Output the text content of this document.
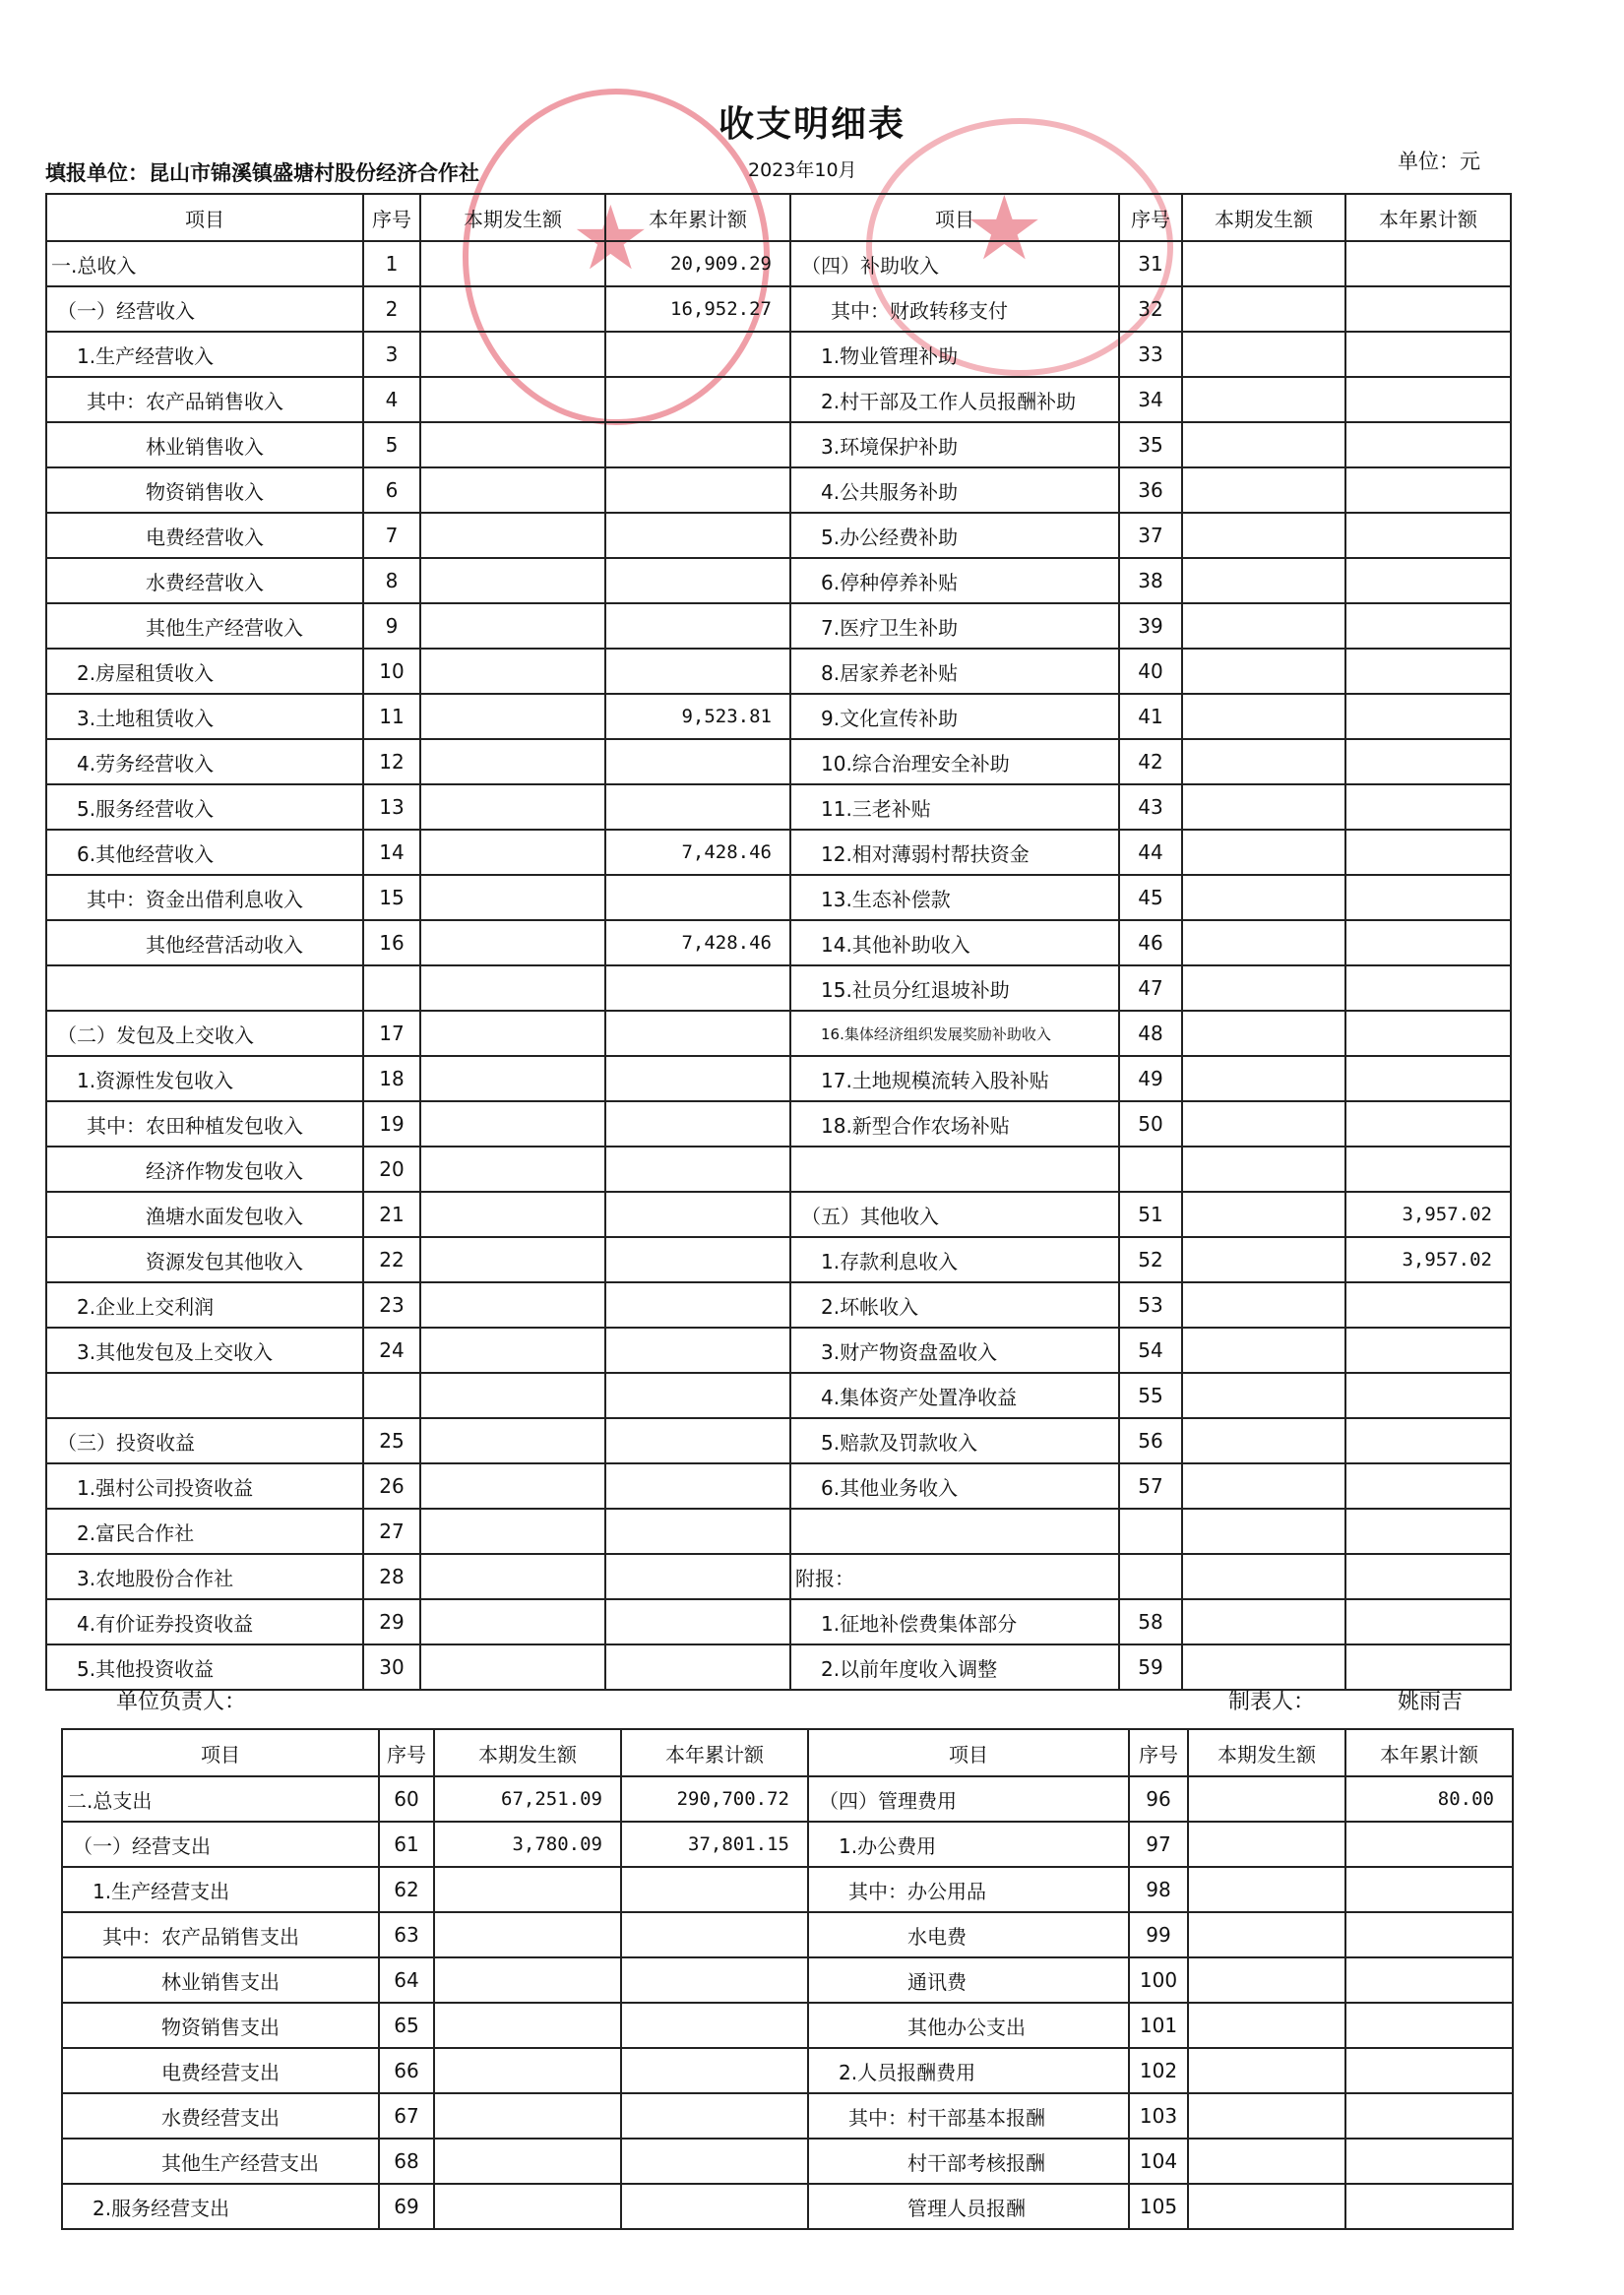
★	★
收支明细表
填报单位：昆山市锦溪镇盛塘村股份经济合作社	2023年10月	单位：元
项目	序号	本期发生额	本年累计额	项目	序号	本期发生额	本年累计额
一.总收入	1		20,909.29	（四）补助收入	31		
（一）经营收入	2		16,952.27	其中：财政转移支付	32		
1.生产经营收入	3			1.物业管理补助	33		
其中：农产品销售收入	4			2.村干部及工作人员报酬补助	34		
林业销售收入	5			3.环境保护补助	35		
物资销售收入	6			4.公共服务补助	36		
电费经营收入	7			5.办公经费补助	37		
水费经营收入	8			6.停种停养补贴	38		
其他生产经营收入	9			7.医疗卫生补助	39		
2.房屋租赁收入	10			8.居家养老补贴	40		
3.土地租赁收入	11		9,523.81	9.文化宣传补助	41		
4.劳务经营收入	12			10.综合治理安全补助	42		
5.服务经营收入	13			11.三老补贴	43		
6.其他经营收入	14		7,428.46	12.相对薄弱村帮扶资金	44		
其中：资金出借利息收入	15			13.生态补偿款	45		
其他经营活动收入	16		7,428.46	14.其他补助收入	46		
				15.社员分红退坡补助	47		
（二）发包及上交收入	17			16.集体经济组织发展奖励补助收入	48		
1.资源性发包收入	18			17.土地规模流转入股补贴	49		
其中：农田种植发包收入	19			18.新型合作农场补贴	50		
经济作物发包收入	20						
渔塘水面发包收入	21			（五）其他收入	51		3,957.02
资源发包其他收入	22			1.存款利息收入	52		3,957.02
2.企业上交利润	23			2.坏帐收入	53		
3.其他发包及上交收入	24			3.财产物资盘盈收入	54		
				4.集体资产处置净收益	55		
（三）投资收益	25			5.赔款及罚款收入	56		
1.强村公司投资收益	26			6.其他业务收入	57		
2.富民合作社	27						
3.农地股份合作社	28			附报：			
4.有价证券投资收益	29			1.征地补偿费集体部分	58		
5.其他投资收益	30			2.以前年度收入调整	59		
单位负责人：	制表人：	姚雨吉
项目	序号	本期发生额	本年累计额	项目	序号	本期发生额	本年累计额
二.总支出	60	67,251.09	290,700.72	（四）管理费用	96		80.00
（一）经营支出	61	3,780.09	37,801.15	1.办公费用	97		
1.生产经营支出	62			其中：办公用品	98		
其中：农产品销售支出	63			水电费	99		
林业销售支出	64			通讯费	100		
物资销售支出	65			其他办公支出	101		
电费经营支出	66			2.人员报酬费用	102		
水费经营支出	67			其中：村干部基本报酬	103		
其他生产经营支出	68			村干部考核报酬	104		
2.服务经营支出	69			管理人员报酬	105		
